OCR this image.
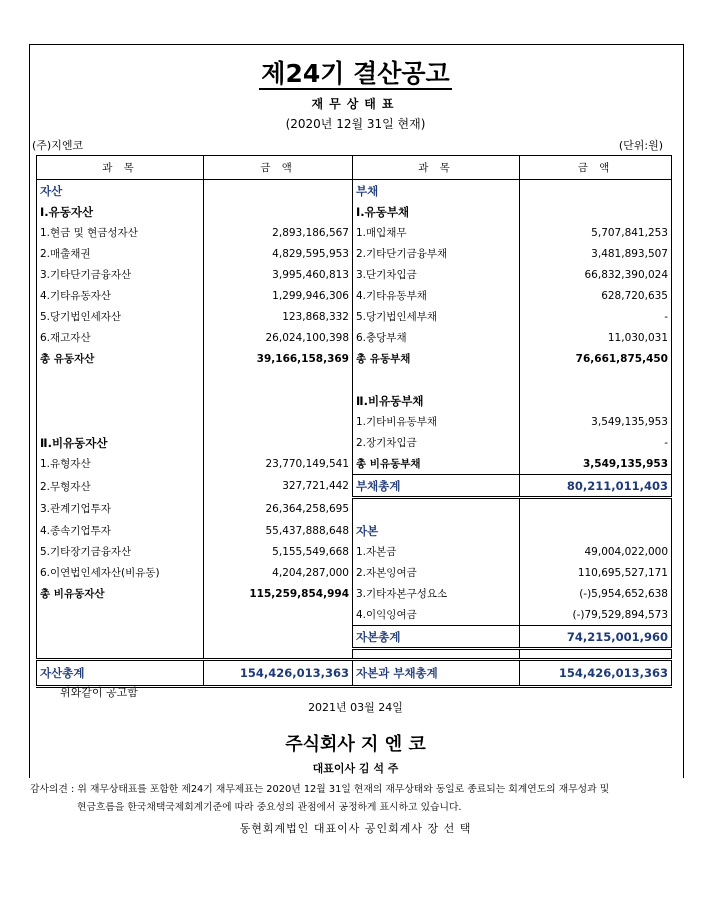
제24기 결산공고
재무상태표
(2020년 12월 31일 현재)
(주)지엔코	(단위:원)
과 목	금 액	과 목	금 액
자산		부채	
Ⅰ.유동자산		Ⅰ.유동부채	
1.현금 및 현금성자산	2,893,186,567	1.매입채무	5,707,841,253
2.매출채권	4,829,595,953	2.기타단기금융부채	3,481,893,507
3.기타단기금융자산	3,995,460,813	3.단기차입금	66,832,390,024
4.기타유동자산	1,299,946,306	4.기타유동부채	628,720,635
5.당기법인세자산	123,868,332	5.당기법인세부채	-
6.재고자산	26,024,100,398	6.충당부채	11,030,031
총 유동자산	39,166,158,369	총 유동부채	76,661,875,450

		Ⅱ.비유동부채	
		1.기타비유동부채	3,549,135,953
Ⅱ.비유동자산		2.장기차입금	-
1.유형자산	23,770,149,541	총 비유동부채	3,549,135,953
2.무형자산	327,721,442	부채총계	80,211,011,403
3.관계기업투자	26,364,258,695		
4.종속기업투자	55,437,888,648	자본	
5.기타장기금융자산	5,155,549,668	1.자본금	49,004,022,000
6.이연법인세자산(비유동)	4,204,287,000	2.자본잉여금	110,695,527,171
총 비유동자산	115,259,854,994	3.기타자본구성요소	(-)5,954,652,638
		4.이익잉여금	(-)79,529,894,573
		자본총계	74,215,001,960

자산총계	154,426,013,363	자본과 부채총계	154,426,013,363
위와같이 공고함
2021년 03월 24일
주식회사 지 엔 코
대표이사 김 석 주
감사의견 : 위 재무상태표를 포함한 제24기 재무제표는 2020년 12월 31일 현재의 재무상태와 동일로 종료되는 회계연도의 재무성과 및
현금흐름을 한국채택국제회계기준에 따라 중요성의 관점에서 공정하게 표시하고 있습니다.
동현회계법인 대표이사 공인회계사 장 선 택
